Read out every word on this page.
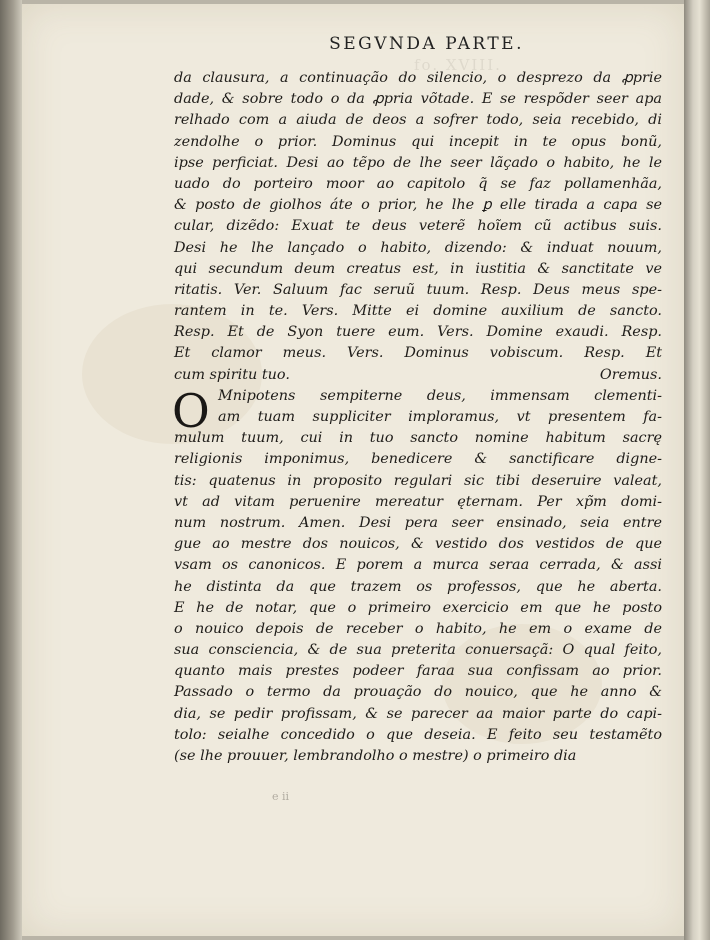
fo. XVIII.
SEGVNDA PARTE.
da clausura, a continuação do silencio, o desprezo da ꝓprie
dade, & sobre todo o da ꝓpria võtade. E se respõder seer apa
relhado com a aiuda de deos a sofrer todo, seia recebido, di
zendolhe o prior. Dominus qui incepit in te opus bonũ,
ipse perficiat. Desi ao tẽpo de lhe seer lãçado o habito, he le
uado do porteiro moor ao capitolo q̃ se faz pollamenhãa,
& posto de giolhos áte o prior, he lhe ꝑ elle tirada a capa se
cular, dizẽdo: Exuat te deus veterẽ hoĩem cũ actibus suis.
Desi he lhe lançado o habito, dizendo: & induat nouum,
qui secundum deum creatus est, in iustitia & sanctitate ve
ritatis. Ver. Saluum fac seruũ tuum. Resp. Deus meus spe-
rantem in te. Vers. Mitte ei domine auxilium de sancto.
Resp. Et de Syon tuere eum. Vers. Domine exaudi. Resp.
Et clamor meus. Vers. Dominus vobiscum. Resp. Et
cum spiritu tuo.	Oremus.
O Mnipotens sempiterne deus, immensam clementi-
am tuam suppliciter imploramus, vt presentem fa-
mulum tuum, cui in tuo sancto nomine habitum sacrę
religionis imponimus, benedicere & sanctificare digne-
tis: quatenus in proposito regulari sic tibi deseruire valeat,
vt ad vitam peruenire mereatur ęternam. Per xp̃m domi-
num nostrum. Amen. Desi pera seer ensinado, seia entre
gue ao mestre dos nouicos, & vestido dos vestidos de que
vsam os canonicos. E porem a murca seraa cerrada, & assi
he distinta da que trazem os professos, que he aberta.
E he de notar, que o primeiro exercicio em que he posto
o nouico depois de receber o habito, he em o exame de
sua consciencia, & de sua preterita conuersaçã: O qual feito,
quanto mais prestes podeer faraa sua confissam ao prior.
Passado o termo da prouação do nouico, que he anno &
dia, se pedir profissam, & se parecer aa maior parte do capi-
tolo: seialhe concedido o que deseia. E feito seu testamẽto
(se lhe prouuer, lembrandolho o mestre) o primeiro dia
e ii
